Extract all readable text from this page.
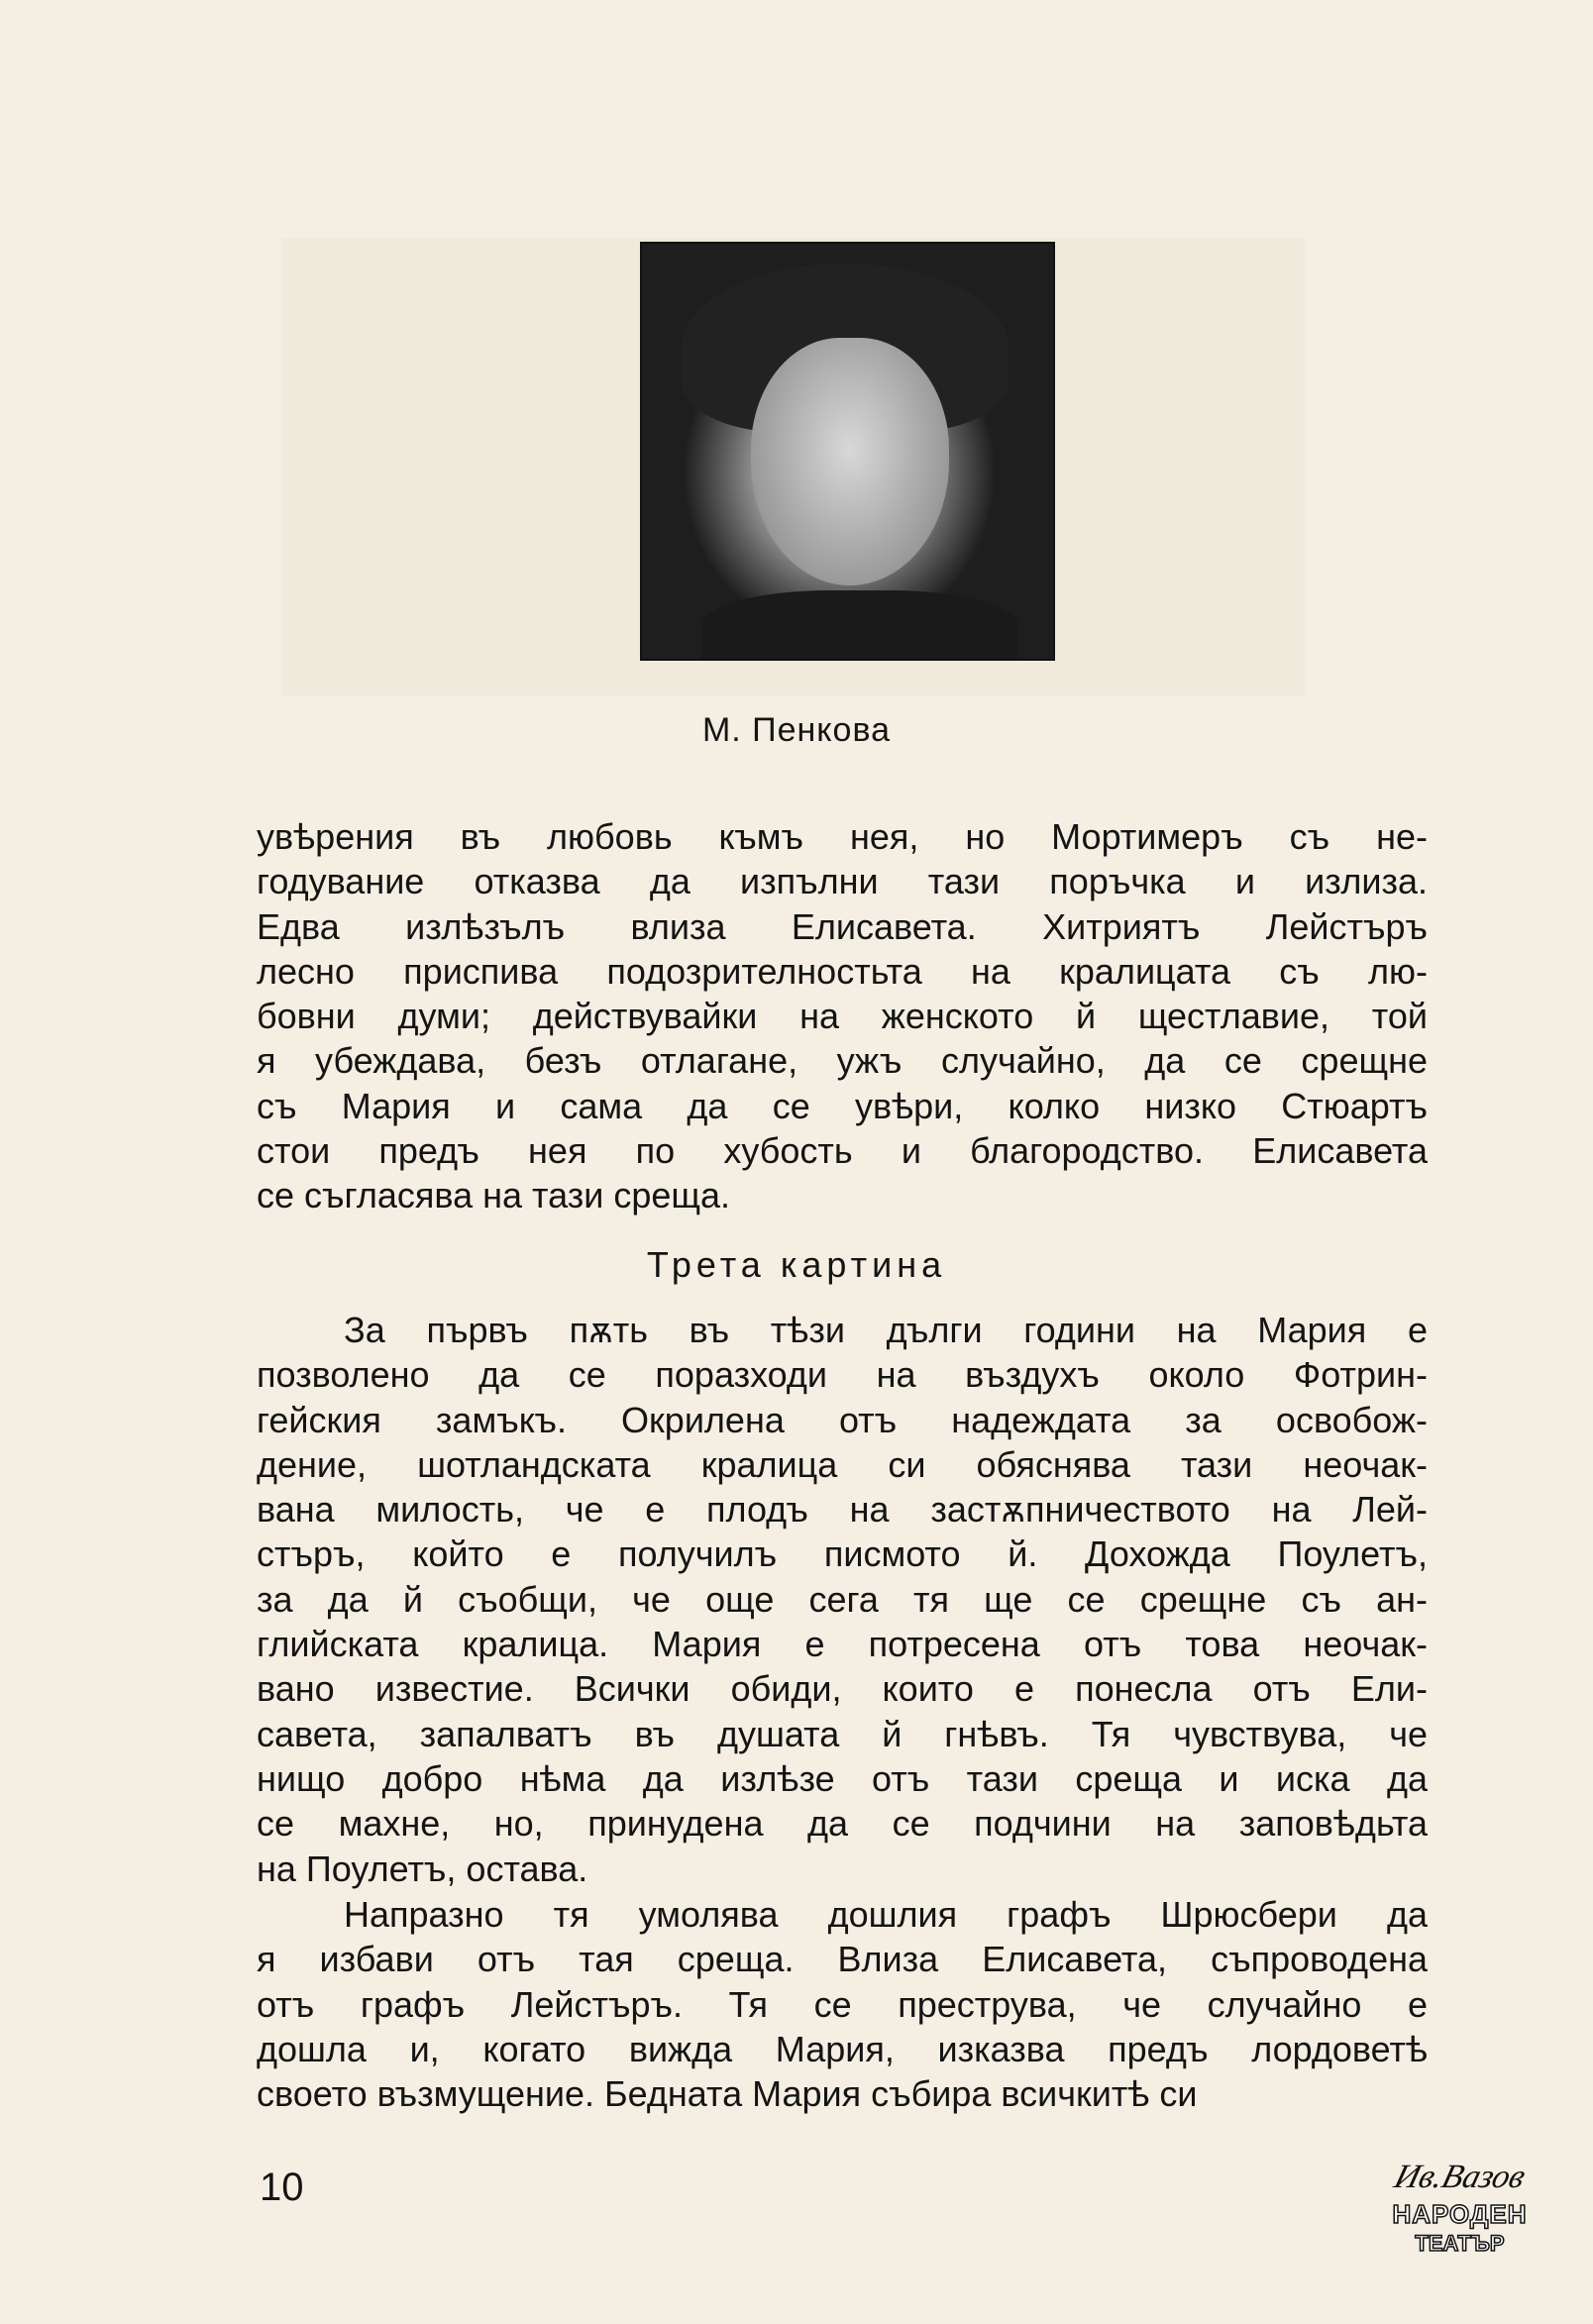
М. Пенкова
увѣрения въ любовь къмъ нея, но Мортимеръ съ не-
годувание отказва да изпълни тази поръчка и излиза.
Едва излѣзълъ влиза Елисавета. Хитриятъ Лейстъръ
лесно приспива подозрителностьта на кралицата съ лю-
бовни думи; действувайки на женското й щестлавие, той
я убеждава, безъ отлагане, ужъ случайно, да се срещне
съ Мария и сама да се увѣри, колко низко Стюартъ
стои предъ нея по хубость и благородство. Елисавета
се съгласява на тази среща.
Трета картина
За първъ пѫть въ тѣзи дълги години на Мария е
позволено да се поразходи на въздухъ около Фотрин-
гейския замъкъ. Окрилена отъ надеждата за освобож-
дение, шотландската кралица си обяснява тази неочак-
вана милость, че е плодъ на застѫпничеството на Лей-
стъръ, който е получилъ писмото й. Дохожда Поулетъ,
за да й съобщи, че още сега тя ще се срещне съ ан-
глийската кралица. Мария е потресена отъ това неочак-
вано известие. Всички обиди, които е понесла отъ Ели-
савета, запалватъ въ душата й гнѣвъ. Тя чувствува, че
нищо добро нѣма да излѣзе отъ тази среща и иска да
се махне, но, принудена да се подчини на заповѣдьта
на Поулетъ, остава.
Напразно тя умолява дошлия графъ Шрюсбери да
я избави отъ тая среща. Влиза Елисавета, съпроводена
отъ графъ Лейстъръ. Тя се преструва, че случайно е
дошла и, когато вижда Мария, изказва предъ лордоветѣ
своето възмущение. Бедната Мария събира всичкитѣ си
10	Ив.Вазов
НАРОДЕН
ТЕАТЪР
